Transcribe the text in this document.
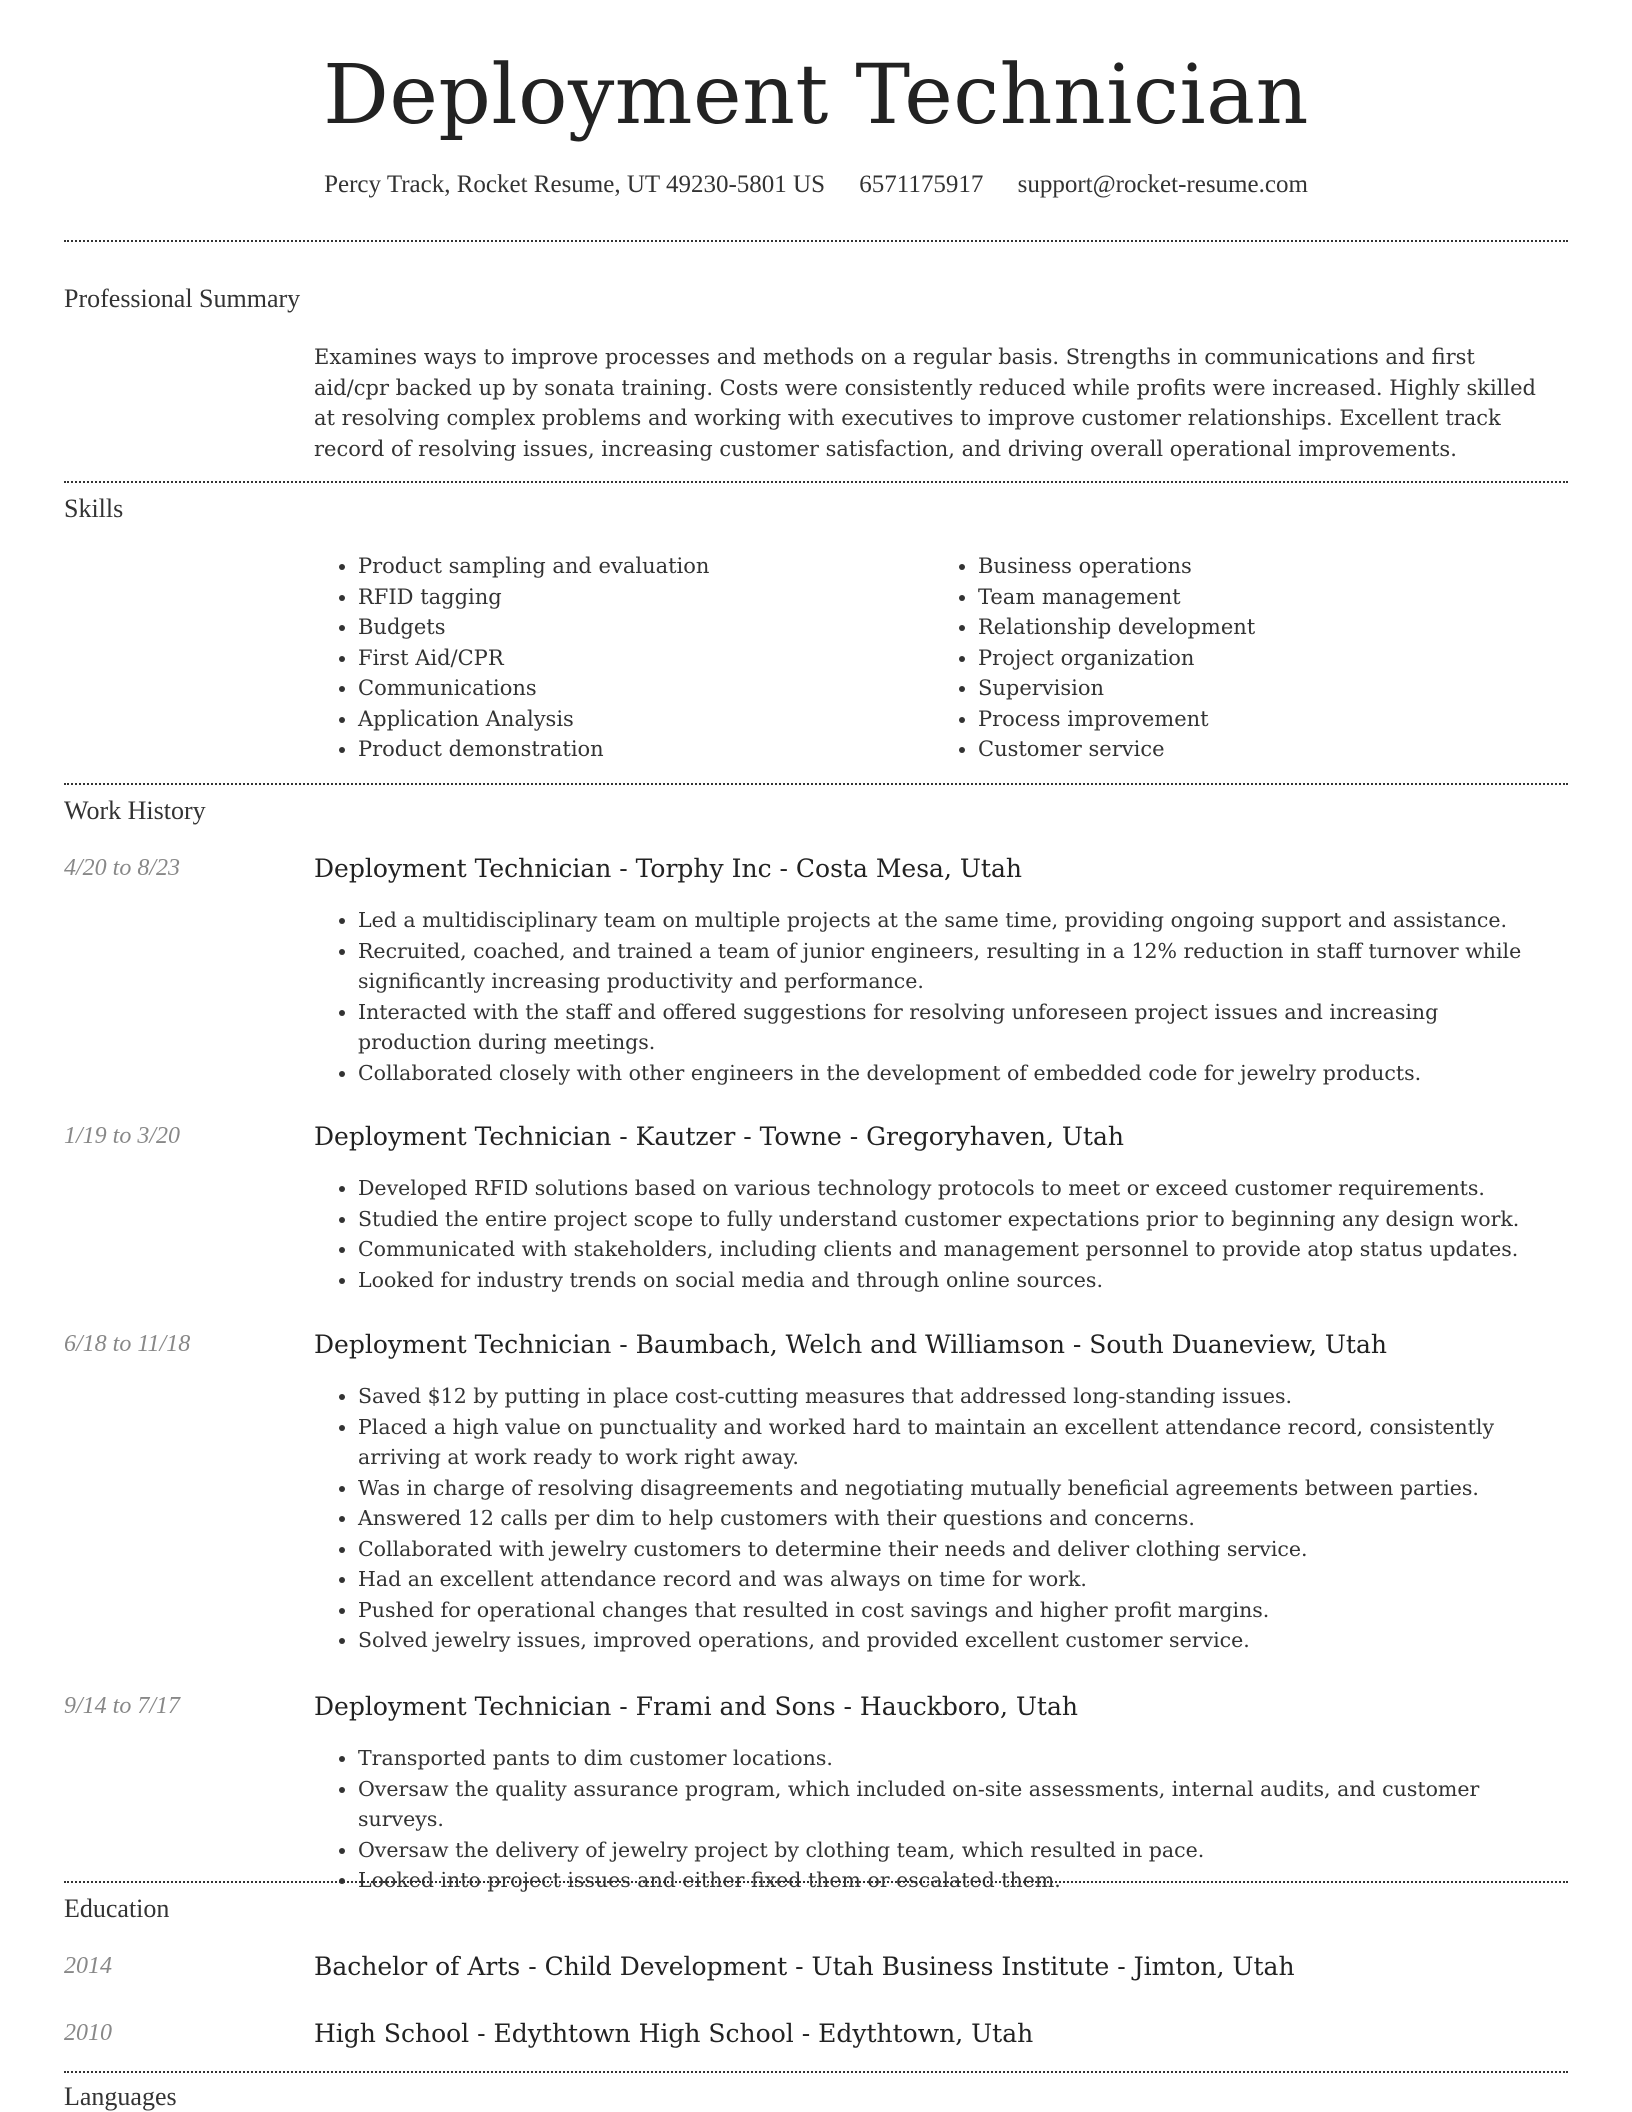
Deployment Technician
Percy Track, Rocket Resume, UT 49230-5801 US 6571175917 support@rocket-resume.com
Professional Summary

Examines ways to improve processes and methods on a regular basis. Strengths in communications and first aid/cpr backed up by sonata training. Costs were consistently reduced while profits were increased. Highly skilled at resolving complex problems and working with executives to improve customer relationships. Excellent track record of resolving issues, increasing customer satisfaction, and driving overall operational improvements.

Skills
• Product sampling and evaluation
• RFID tagging
• Budgets
• First Aid/CPR
• Communications
• Application Analysis
• Product demonstration
• Business operations
• Team management
• Relationship development
• Project organization
• Supervision
• Process improvement
• Customer service
Work History
4/20 to 8/23	Deployment Technician - Torphy Inc - Costa Mesa, Utah
• Led a multidisciplinary team on multiple projects at the same time, providing ongoing support and assistance.
• Recruited, coached, and trained a team of junior engineers, resulting in a 12% reduction in staff turnover while significantly increasing productivity and performance.
• Interacted with the staff and offered suggestions for resolving unforeseen project issues and increasing production during meetings.
• Collaborated closely with other engineers in the development of embedded code for jewelry products.
1/19 to 3/20	Deployment Technician - Kautzer - Towne - Gregoryhaven, Utah
• Developed RFID solutions based on various technology protocols to meet or exceed customer requirements.
• Studied the entire project scope to fully understand customer expectations prior to beginning any design work.
• Communicated with stakeholders, including clients and management personnel to provide atop status updates.
• Looked for industry trends on social media and through online sources.
6/18 to 11/18	Deployment Technician - Baumbach, Welch and Williamson - South Duaneview, Utah
• Saved $12 by putting in place cost-cutting measures that addressed long-standing issues.
• Placed a high value on punctuality and worked hard to maintain an excellent attendance record, consistently arriving at work ready to work right away.
• Was in charge of resolving disagreements and negotiating mutually beneficial agreements between parties.
• Answered 12 calls per dim to help customers with their questions and concerns.
• Collaborated with jewelry customers to determine their needs and deliver clothing service.
• Had an excellent attendance record and was always on time for work.
• Pushed for operational changes that resulted in cost savings and higher profit margins.
• Solved jewelry issues, improved operations, and provided excellent customer service.
9/14 to 7/17	Deployment Technician - Frami and Sons - Hauckboro, Utah
• Transported pants to dim customer locations.
• Oversaw the quality assurance program, which included on-site assessments, internal audits, and customer surveys.
• Oversaw the delivery of jewelry project by clothing team, which resulted in pace.
• Looked into project issues and either fixed them or escalated them.
Education
2014	Bachelor of Arts - Child Development - Utah Business Institute - Jimton, Utah
2010	High School - Edythtown High School - Edythtown, Utah
Languages
